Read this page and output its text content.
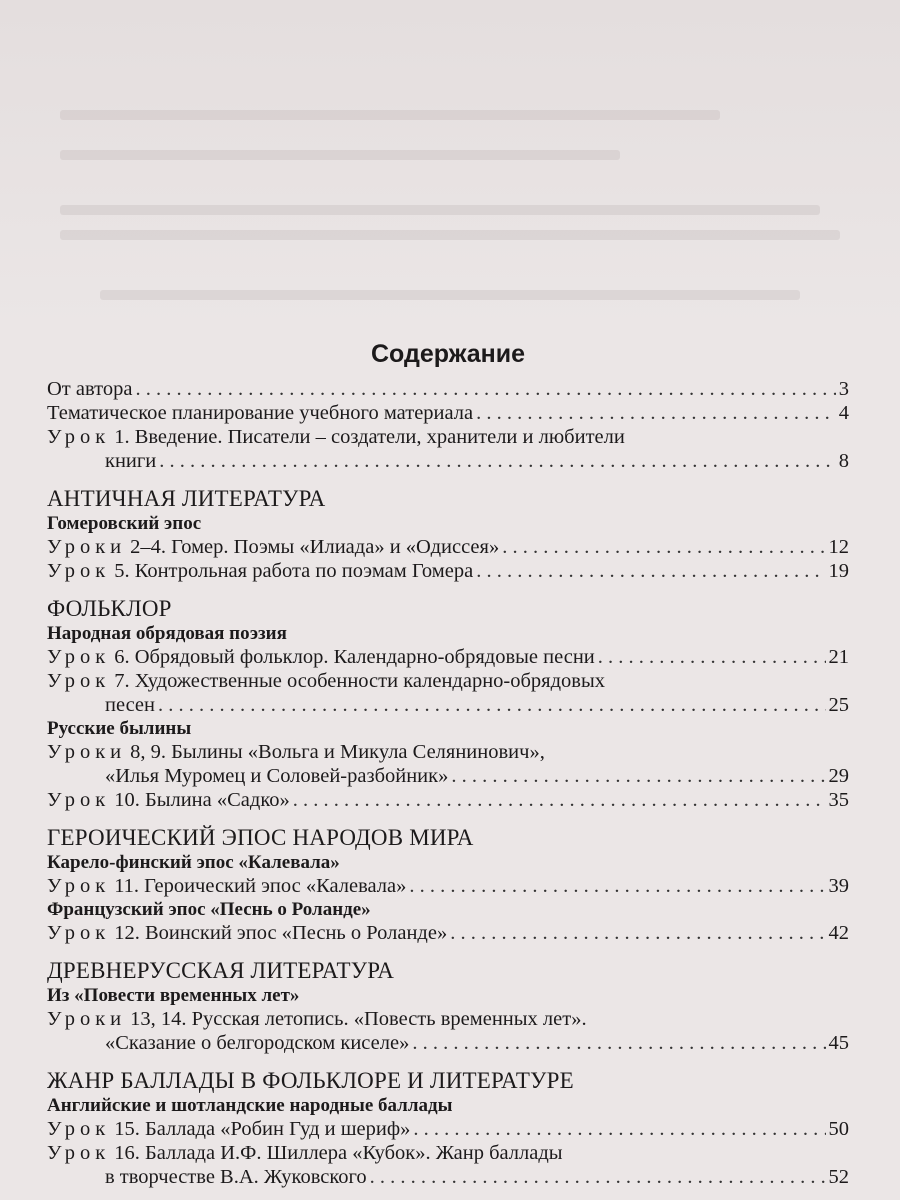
Содержание
От автора . . .	3
Тематическое планирование учебного материала . . .	4
Урок 1. Введение. Писатели – создатели, хранители и любители
книги . . .	8
АНТИЧНАЯ ЛИТЕРАТУРА
Гомеровский эпос
Уроки 2–4. Гомер. Поэмы «Илиада» и «Одиссея» . . .	12
Урок 5. Контрольная работа по поэмам Гомера . . .	19
ФОЛЬКЛОР
Народная обрядовая поэзия
Урок 6. Обрядовый фольклор. Календарно-обрядовые песни . . .	21
Урок 7. Художественные особенности календарно-обрядовых
песен . . .	25
Русские былины
Уроки 8, 9. Былины «Вольга и Микула Селянинович»,
«Илья Муромец и Соловей-разбойник» . . .	29
Урок 10. Былина «Садко» . . .	35
ГЕРОИЧЕСКИЙ ЭПОС НАРОДОВ МИРА
Карело-финский эпос «Калевала»
Урок 11. Героический эпос «Калевала» . . .	39
Французский эпос «Песнь о Роланде»
Урок 12. Воинский эпос «Песнь о Роланде» . . .	42
ДРЕВНЕРУССКАЯ ЛИТЕРАТУРА
Из «Повести временных лет»
Уроки 13, 14. Русская летопись. «Повесть временных лет».
«Сказание о белгородском киселе» . . .	45
ЖАНР БАЛЛАДЫ В ФОЛЬКЛОРЕ И ЛИТЕРАТУРЕ
Английские и шотландские народные баллады
Урок 15. Баллада «Робин Гуд и шериф» . . .	50
Урок 16. Баллада И.Ф. Шиллера «Кубок». Жанр баллады
в творчестве В.А. Жуковского . . .	52
